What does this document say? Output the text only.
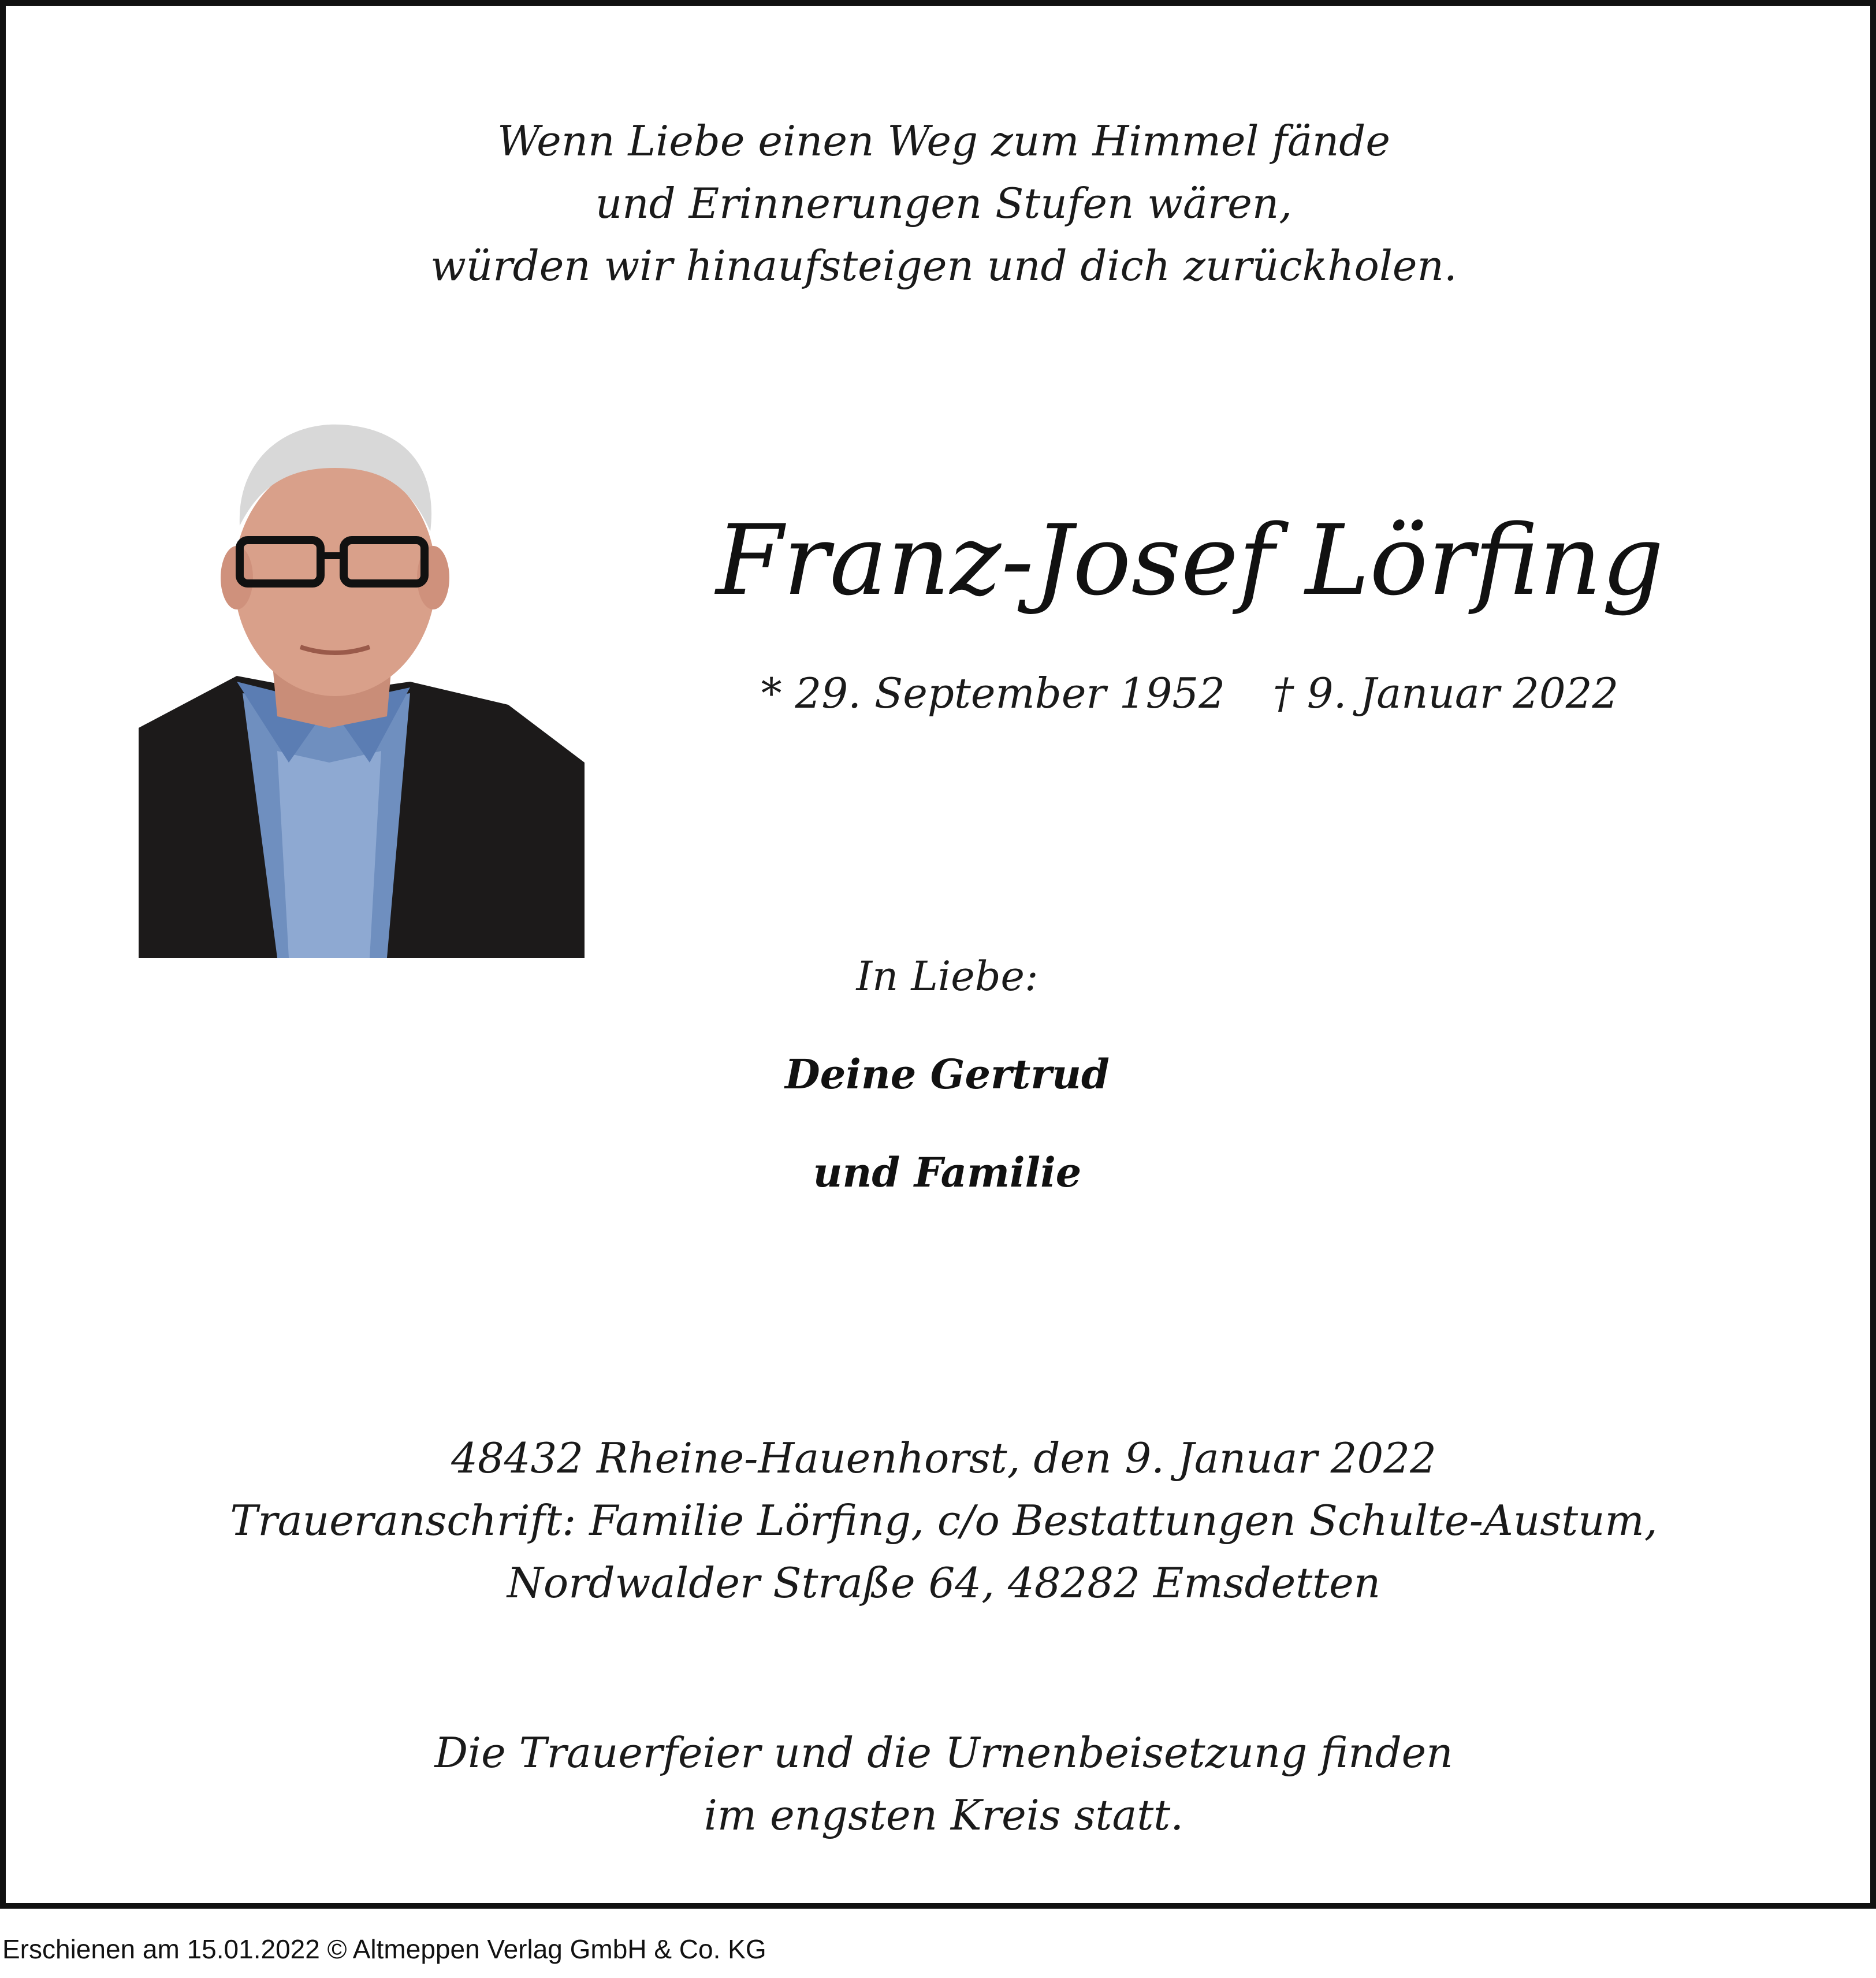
Wenn Liebe einen Weg zum Himmel fände
und Erinnerungen Stufen wären,
würden wir hinaufsteigen und dich zurückholen.
Franz-Josef Lörfing
* 29. September 1952 † 9. Januar 2022
In Liebe:
Deine Gertrud
und Familie
48432 Rheine-Hauenhorst, den 9. Januar 2022
Traueranschrift: Familie Lörfing, c/o Bestattungen Schulte-Austum,
Nordwalder Straße 64, 48282 Emsdetten
Die Trauerfeier und die Urnenbeisetzung finden
im engsten Kreis statt.
Erschienen am 15.01.2022 © Altmeppen Verlag GmbH & Co. KG
